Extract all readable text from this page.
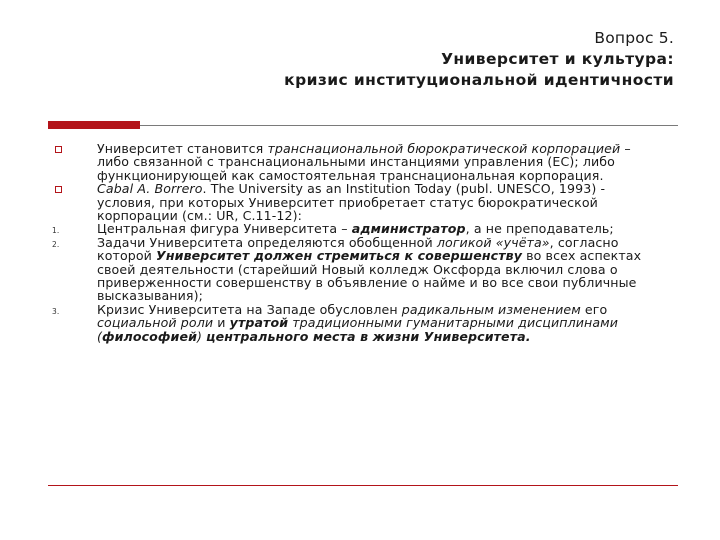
Вопрос 5.
Университет и культура:
кризис институциональной идентичности
Университет становится транснациональной бюрократической корпорацией – либо связанной с транснациональными инстанциями управления (ЕС); либо функционирующей как самостоятельная транснациональная корпорация.
Cabal A. Borrero. The University as an Institution Today (publ. UNESCO, 1993) - условия, при которых Университет приобретает статус бюрократической корпорации (см.: UR, C.11-12):
1.	Центральная фигура Университета – администратор, а не преподаватель;
2.	Задачи Университета определяются обобщенной логикой «учёта», согласно которой Университет должен стремиться к совершенству во всех аспектах своей деятельности (старейший Новый колледж Оксфорда включил слова о приверженности совершенству в объявление о найме и во все свои публичные высказывания);
3.	Кризис Университета на Западе обусловлен радикальным изменением его социальной роли и утратой традиционными гуманитарными дисциплинами (философией) центрального места в жизни Университета.
